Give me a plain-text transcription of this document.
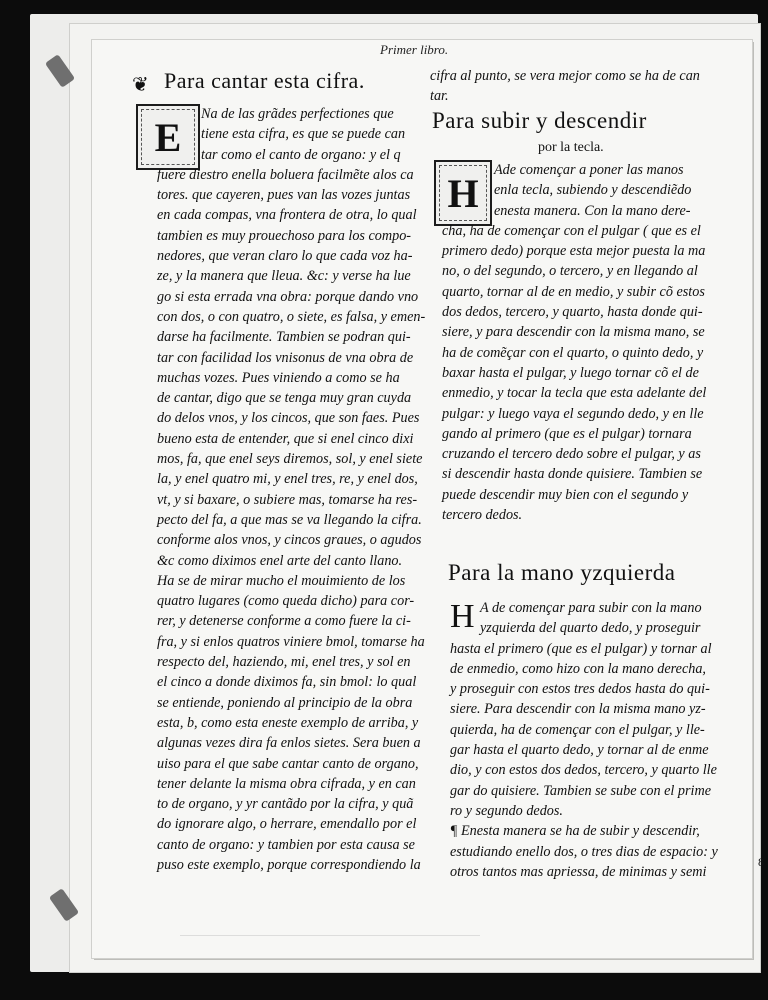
Primer libro.
❦ Para cantar esta cifra.
E
Na de las grãdes perfectiones que
tiene esta cifra, es que se puede can
tar como el canto de organo: y el q
fuere diestro enella boluera facilmẽte alos ca
tores. que cayeren, pues van las vozes juntas
en cada compas, vna frontera de otra, lo qual
tambien es muy prouechoso para los compo-
nedores, que veran claro lo que cada voz ha-
ze, y la manera que lleua. &c: y verse ha lue
go si esta errada vna obra: porque dando vno
con dos, o con quatro, o siete, es falsa, y emen-
darse ha facilmente. Tambien se podran qui-
tar con facilidad los vnisonus de vna obra de
muchas vozes. Pues viniendo a como se ha
de cantar, digo que se tenga muy gran cuyda
do delos vnos, y los cincos, que son faes. Pues
bueno esta de entender, que si enel cinco dixi
mos, fa, que enel seys diremos, sol, y enel siete
la, y enel quatro mi, y enel tres, re, y enel dos,
vt, y si baxare, o subiere mas, tomarse ha res-
pecto del fa, a que mas se va llegando la cifra.
conforme alos vnos, y cincos graues, o agudos
&c como diximos enel arte del canto llano.
Ha se de mirar mucho el mouimiento de los
quatro lugares (como queda dicho) para cor-
rer, y detenerse conforme a como fuere la ci-
fra, y si enlos quatros viniere bmol, tomarse ha
respecto del, haziendo, mi, enel tres, y sol en
el cinco a donde diximos fa, sin bmol: lo qual
se entiende, poniendo al principio de la obra
esta, b, como esta eneste exemplo de arriba, y
algunas vezes dira fa enlos sietes. Sera buen a
uiso para el que sabe cantar canto de organo,
tener delante la misma obra cifrada, y en can
to de organo, y yr cantãdo por la cifra, y quã
do ignorare algo, o herrare, emendallo por el
canto de organo: y tambien por esta causa se
puso este exemplo, porque correspondiendo la
cifra al punto, se vera mejor como se ha de can
tar.
Para subir y descendir
por la tecla.
H
Ade començar a poner las manos
enla tecla, subiendo y descendiẽdo
enesta manera. Con la mano dere-
cha, ha de començar con el pulgar ( que es el
primero dedo) porque esta mejor puesta la ma
no, o del segundo, o tercero, y en llegando al
quarto, tornar al de en medio, y subir cõ estos
dos dedos, tercero, y quarto, hasta donde qui-
siere, y para descendir con la misma mano, se
ha de comẽçar con el quarto, o quinto dedo, y
baxar hasta el pulgar, y luego tornar cõ el de
enmedio, y tocar la tecla que esta adelante del
pulgar: y luego vaya el segundo dedo, y en lle
gando al primero (que es el pulgar) tornara
cruzando el tercero dedo sobre el pulgar, y as
si descendir hasta donde quisiere. Tambien se
puede descendir muy bien con el segundo y
tercero dedos.
Para la mano yzquierda
H A de començar para subir con la mano
yzquierda del quarto dedo, y proseguir
hasta el primero (que es el pulgar) y tornar al
de enmedio, como hizo con la mano derecha,
y proseguir con estos tres dedos hasta do qui-
siere. Para descendir con la misma mano yz-
quierda, ha de començar con el pulgar, y lle-
gar hasta el quarto dedo, y tornar al de enme
dio, y con estos dos dedos, tercero, y quarto lle
gar do quisiere. Tambien se sube con el prime
ro y segundo dedos.
¶ Enesta manera se ha de subir y descendir,
estudiando enello dos, o tres dias de espacio: y
otros tantos mas apriessa, de minimas y semi
8
